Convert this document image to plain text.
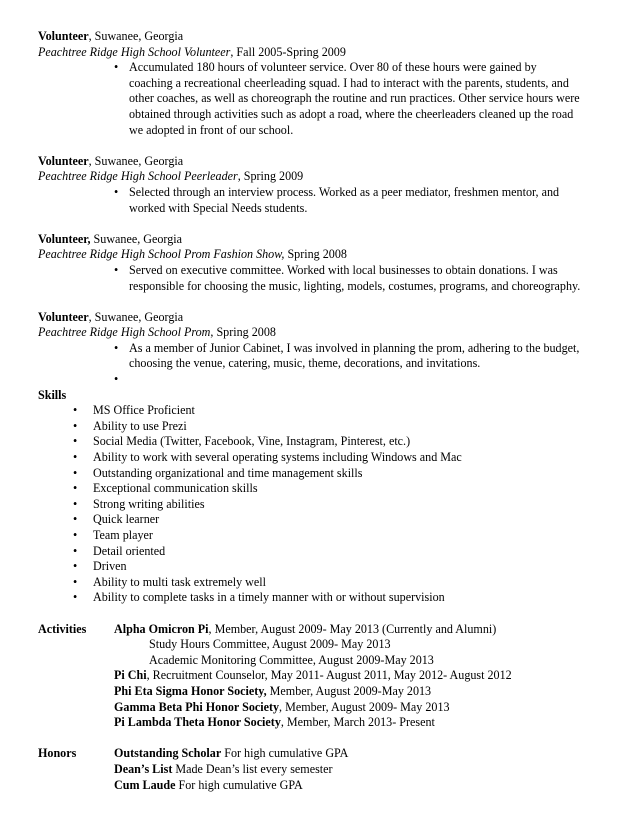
Volunteer, Suwanee, Georgia
Peachtree Ridge High School Volunteer, Fall 2005-Spring 2009
• Accumulated 180 hours of volunteer service. Over 80 of these hours were gained by
coaching a recreational cheerleading squad. I had to interact with the parents, students, and
other coaches, as well as choreograph the routine and run practices. Other service hours were
obtained through activities such as adopt a road, where the cheerleaders cleaned up the road
we adopted in front of our school.
Volunteer, Suwanee, Georgia
Peachtree Ridge High School Peerleader, Spring 2009
• Selected through an interview process. Worked as a peer mediator, freshmen mentor, and
worked with Special Needs students.
Volunteer, Suwanee, Georgia
Peachtree Ridge High School Prom Fashion Show, Spring 2008
• Served on executive committee. Worked with local businesses to obtain donations. I was
responsible for choosing the music, lighting, models, costumes, programs, and choreography.
Volunteer, Suwanee, Georgia
Peachtree Ridge High School Prom, Spring 2008
• As a member of Junior Cabinet, I was involved in planning the prom, adhering to the budget,
choosing the venue, catering, music, theme, decorations, and invitations.
•

Skills
• MS Office Proficient
• Ability to use Prezi
• Social Media (Twitter, Facebook, Vine, Instagram, Pinterest, etc.)
• Ability to work with several operating systems including Windows and Mac
• Outstanding organizational and time management skills
• Exceptional communication skills
• Strong writing abilities
• Quick learner
• Team player
• Detail oriented
• Driven
• Ability to multi task extremely well
• Ability to complete tasks in a timely manner with or without supervision
Activities Alpha Omicron Pi, Member, August 2009- May 2013 (Currently and Alumni)
Study Hours Committee, August 2009- May 2013
Academic Monitoring Committee, August 2009-May 2013
Pi Chi, Recruitment Counselor, May 2011- August 2011, May 2012- August 2012
Phi Eta Sigma Honor Society, Member, August 2009-May 2013
Gamma Beta Phi Honor Society, Member, August 2009- May 2013
Pi Lambda Theta Honor Society, Member, March 2013- Present
Honors	Outstanding Scholar For high cumulative GPA
Dean’s List Made Dean’s list every semester
Cum Laude For high cumulative GPA
